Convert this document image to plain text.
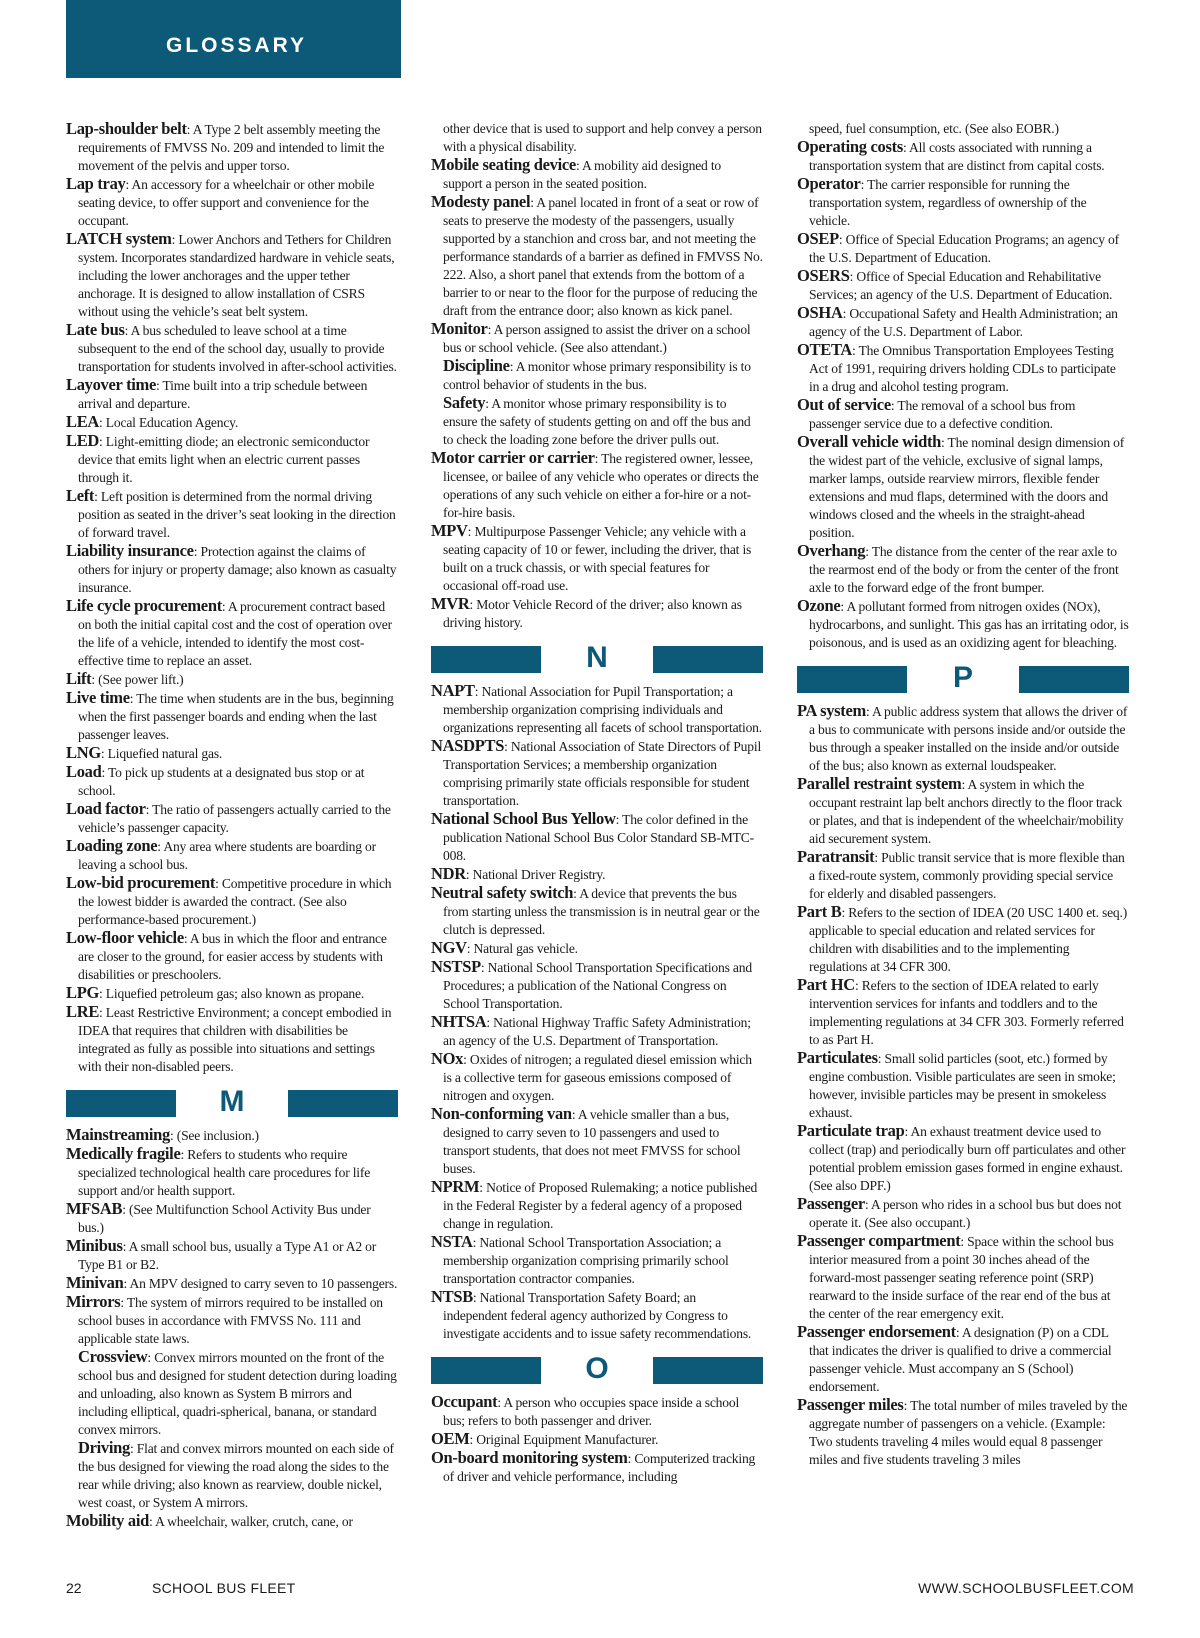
GLOSSARY

Lap-shoulder belt: A Type 2 belt assembly meeting the requirements of FMVSS No. 209 and intended to limit the movement of the pelvis and upper torso.

Lap tray: An accessory for a wheelchair or other mobile seating device, to offer support and convenience for the occupant.

LATCH system: Lower Anchors and Tethers for Children system. Incorporates standardized hardware in vehicle seats, including the lower anchorages and the upper tether anchorage. It is designed to allow installation of CSRS without using the vehicle’s seat belt system.

Late bus: A bus scheduled to leave school at a time subsequent to the end of the school day, usually to provide transportation for students involved in after-school activities.

Layover time: Time built into a trip schedule between arrival and departure.

LEA: Local Education Agency.

LED: Light-emitting diode; an electronic semiconductor device that emits light when an electric current passes through it.

Left: Left position is determined from the normal driving position as seated in the driver’s seat looking in the direction of forward travel.

Liability insurance: Protection against the claims of others for injury or property damage; also known as casualty insurance.

Life cycle procurement: A procurement contract based on both the initial capital cost and the cost of operation over the life of a vehicle, intended to identify the most cost-effective time to replace an asset.

Lift: (See power lift.)

Live time: The time when students are in the bus, beginning when the first passenger boards and ending when the last passenger leaves.

LNG: Liquefied natural gas.

Load: To pick up students at a designated bus stop or at school.

Load factor: The ratio of passengers actually carried to the vehicle’s passenger capacity.

Loading zone: Any area where students are boarding or leaving a school bus.

Low-bid procurement: Competitive procedure in which the lowest bidder is awarded the contract. (See also performance-based procurement.)

Low-floor vehicle: A bus in which the floor and entrance are closer to the ground, for easier access by students with disabilities or preschoolers.

LPG: Liquefied petroleum gas; also known as propane.

LRE: Least Restrictive Environment; a concept embodied in IDEA that requires that children with disabilities be integrated as fully as possible into situations and settings with their non-disabled peers.

M

Mainstreaming: (See inclusion.)

Medically fragile: Refers to students who require specialized technological health care procedures for life support and/or health support.

MFSAB: (See Multifunction School Activity Bus under bus.)

Minibus: A small school bus, usually a Type A1 or A2 or Type B1 or B2.

Minivan: An MPV designed to carry seven to 10 passengers.

Mirrors: The system of mirrors required to be installed on school buses in accordance with FMVSS No. 111 and applicable state laws.

Crossview: Convex mirrors mounted on the front of the school bus and designed for student detection during loading and unloading, also known as System B mirrors and including elliptical, quadri-spherical, banana, or standard convex mirrors.

Driving: Flat and convex mirrors mounted on each side of the bus designed for viewing the road along the sides to the rear while driving; also known as rearview, double nickel, west coast, or System A mirrors.

Mobility aid: A wheelchair, walker, crutch, cane, or

other device that is used to support and help convey a person with a physical disability.

Mobile seating device: A mobility aid designed to support a person in the seated position.

Modesty panel: A panel located in front of a seat or row of seats to preserve the modesty of the passengers, usually supported by a stanchion and cross bar, and not meeting the performance standards of a barrier as defined in FMVSS No. 222. Also, a short panel that extends from the bottom of a barrier to or near to the floor for the purpose of reducing the draft from the entrance door; also known as kick panel.

Monitor: A person assigned to assist the driver on a school bus or school vehicle. (See also attendant.)

Discipline: A monitor whose primary responsibility is to control behavior of students in the bus.

Safety: A monitor whose primary responsibility is to ensure the safety of students getting on and off the bus and to check the loading zone before the driver pulls out.

Motor carrier or carrier: The registered owner, lessee, licensee, or bailee of any vehicle who operates or directs the operations of any such vehicle on either a for-hire or a not-for-hire basis.

MPV: Multipurpose Passenger Vehicle; any vehicle with a seating capacity of 10 or fewer, including the driver, that is built on a truck chassis, or with special features for occasional off-road use.

MVR: Motor Vehicle Record of the driver; also known as driving history.

N

NAPT: National Association for Pupil Transportation; a membership organization comprising individuals and organizations representing all facets of school transportation.

NASDPTS: National Association of State Directors of Pupil Transportation Services; a membership organization comprising primarily state officials responsible for student transportation.

National School Bus Yellow: The color defined in the publication National School Bus Color Standard SB-MTC-008.

NDR: National Driver Registry.

Neutral safety switch: A device that prevents the bus from starting unless the transmission is in neutral gear or the clutch is depressed.

NGV: Natural gas vehicle.

NSTSP: National School Transportation Specifications and Procedures; a publication of the National Congress on School Transportation.

NHTSA: National Highway Traffic Safety Administration; an agency of the U.S. Department of Transportation.

NOx: Oxides of nitrogen; a regulated diesel emission which is a collective term for gaseous emissions composed of nitrogen and oxygen.

Non-conforming van: A vehicle smaller than a bus, designed to carry seven to 10 passengers and used to transport students, that does not meet FMVSS for school buses.

NPRM: Notice of Proposed Rulemaking; a notice published in the Federal Register by a federal agency of a proposed change in regulation.

NSTA: National School Transportation Association; a membership organization comprising primarily school transportation contractor companies.

NTSB: National Transportation Safety Board; an independent federal agency authorized by Congress to investigate accidents and to issue safety recommendations.

O

Occupant: A person who occupies space inside a school bus; refers to both passenger and driver.

OEM: Original Equipment Manufacturer.

On-board monitoring system: Computerized tracking of driver and vehicle performance, including

speed, fuel consumption, etc. (See also EOBR.)

Operating costs: All costs associated with running a transportation system that are distinct from capital costs.

Operator: The carrier responsible for running the transportation system, regardless of ownership of the vehicle.

OSEP: Office of Special Education Programs; an agency of the U.S. Department of Education.

OSERS: Office of Special Education and Rehabilitative Services; an agency of the U.S. Department of Education.

OSHA: Occupational Safety and Health Administration; an agency of the U.S. Department of Labor.

OTETA: The Omnibus Transportation Employees Testing Act of 1991, requiring drivers holding CDLs to participate in a drug and alcohol testing program.

Out of service: The removal of a school bus from passenger service due to a defective condition.

Overall vehicle width: The nominal design dimension of the widest part of the vehicle, exclusive of signal lamps, marker lamps, outside rearview mirrors, flexible fender extensions and mud flaps, determined with the doors and windows closed and the wheels in the straight-ahead position.

Overhang: The distance from the center of the rear axle to the rearmost end of the body or from the center of the front axle to the forward edge of the front bumper.

Ozone: A pollutant formed from nitrogen oxides (NOx), hydrocarbons, and sunlight. This gas has an irritating odor, is poisonous, and is used as an oxidizing agent for bleaching.

P

PA system: A public address system that allows the driver of a bus to communicate with persons inside and/or outside the bus through a speaker installed on the inside and/or outside of the bus; also known as external loudspeaker.

Parallel restraint system: A system in which the occupant restraint lap belt anchors directly to the floor track or plates, and that is independent of the wheelchair/mobility aid securement system.

Paratransit: Public transit service that is more flexible than a fixed-route system, commonly providing special service for elderly and disabled passengers.

Part B: Refers to the section of IDEA (20 USC 1400 et. seq.) applicable to special education and related services for children with disabilities and to the implementing regulations at 34 CFR 300.

Part HC: Refers to the section of IDEA related to early intervention services for infants and toddlers and to the implementing regulations at 34 CFR 303. Formerly referred to as Part H.

Particulates: Small solid particles (soot, etc.) formed by engine combustion. Visible particulates are seen in smoke; however, invisible particles may be present in smokeless exhaust.

Particulate trap: An exhaust treatment device used to collect (trap) and periodically burn off particulates and other potential problem emission gases formed in engine exhaust. (See also DPF.)

Passenger: A person who rides in a school bus but does not operate it. (See also occupant.)

Passenger compartment: Space within the school bus interior measured from a point 30 inches ahead of the forward-most passenger seating reference point (SRP) rearward to the inside surface of the rear end of the bus at the center of the rear emergency exit.

Passenger endorsement: A designation (P) on a CDL that indicates the driver is qualified to drive a commercial passenger vehicle. Must accompany an S (School) endorsement.

Passenger miles: The total number of miles traveled by the aggregate number of passengers on a vehicle. (Example: Two students traveling 4 miles would equal 8 passenger miles and five students traveling 3 miles

22	SCHOOL BUS FLEET	WWW.SCHOOLBUSFLEET.COM
